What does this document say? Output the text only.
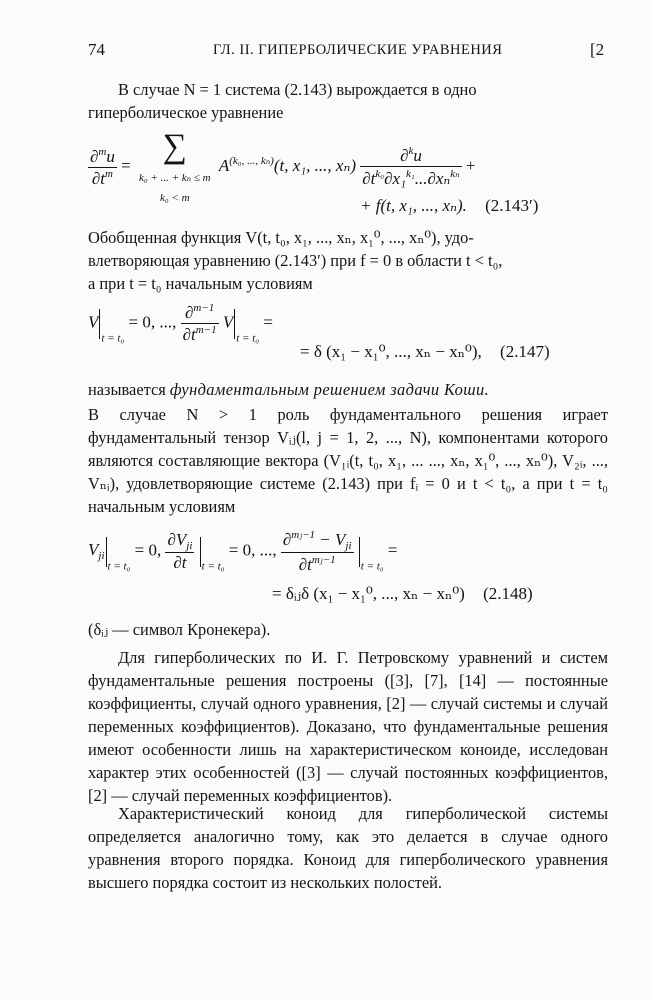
74	ГЛ. II. ГИПЕРБОЛИЧЕСКИЕ УРАВНЕНИЯ	[2
В случае N = 1 система (2.143) вырождается в одно
гиперболическое уравнение
$\frac{\partial^mu}{\partial t^m}$ = ∑
k₀ + ... + kₙ ≤ m
k₀ < m $A^{(k_0, ..., k_n)}(t$, x₁, ..., $x_n) \frac{\partial^ku}{\partial t^{k_0}\partial x_1^{k_1}...\partial x_n^{k_n}}$ +
+ f(t, x₁, ..., xₙ). (2.143′)
Обобщенная функция V(t, t₀, x₁, ..., xₙ, x₁⁰, ..., xₙ⁰), удо-
влетворяющая уравнению (2.143′) при f = 0 в области t < t₀,
а при t = t₀ начальным условиям
$V_{t = t_0} = 0$, ..., $\frac{\partial^{m-1}}{\partial t^{m-1}} V_{t = t_0}$ =
= δ (x₁ − x₁⁰, ..., xₙ − xₙ⁰), (2.147)
называется фундаментальным решением задачи Коши.
В случае N > 1 роль фундаментального решения играет фундаментальный тензор Vᵢⱼ(l, j = 1, 2, ..., N), компонентами которого являются составляющие вектора (V₁ᵢ(t, t₀, x₁, ... ..., xₙ, x₁⁰, ..., xₙ⁰), V₂ᵢ, ..., Vₙᵢ), удовлетворяющие системе (2.143) при fᵢ = 0 и t < t₀, а при t = t₀ начальным условиям
$V_{jit = t_0} = 0$, $\frac{\partial V_{ji}}{\partial t} _{t = t_0} = 0$, ..., $\frac{\partial^{mⱼ-1} - V_{ji}}{\partial t^{mⱼ-1}} _{t = t_0}$ =
= δᵢⱼδ (x₁ − x₁⁰, ..., xₙ − xₙ⁰) (2.148)
(δᵢⱼ — символ Кронекера).
Для гиперболических по И. Г. Петровскому уравнений и систем фундаментальные решения построены ([3], [7], [14] — постоянные коэффициенты, случай одного уравнения, [2] — случай системы и случай переменных коэффициентов). Доказано, что фундаментальные решения имеют особенности лишь на характеристическом коноиде, исследован характер этих особенностей ([3] — случай постоянных коэффициентов, [2] — случай переменных коэффициентов).
Характеристический коноид для гиперболической системы определяется аналогично тому, как это делается в случае одного уравнения второго порядка. Коноид для гиперболического уравнения высшего порядка состоит из нескольких полостей.
